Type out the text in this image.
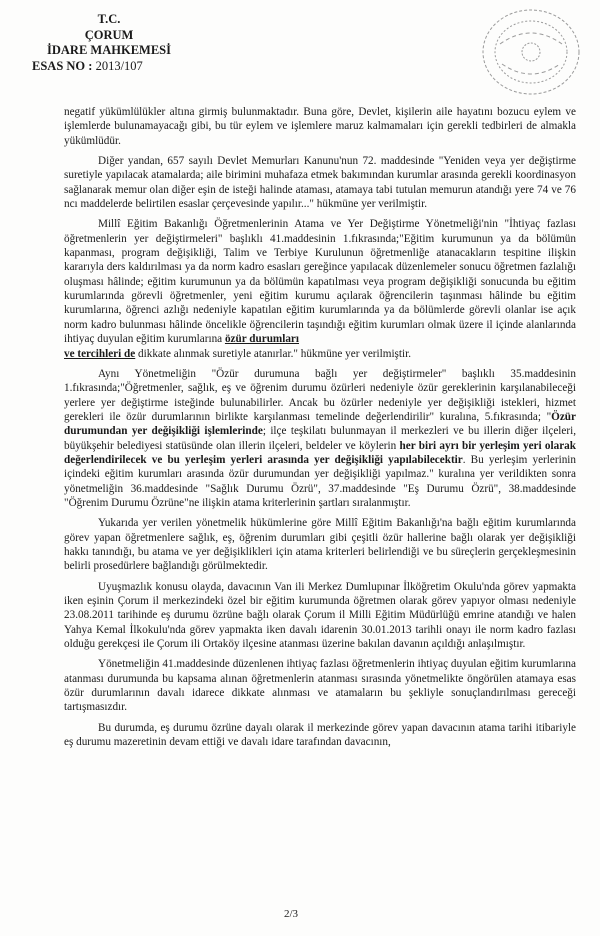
T.C.
ÇORUM
İDARE MAHKEMESİ
ESAS NO : 2013/107

negatif yükümlülükler altına girmiş bulunmaktadır. Buna göre, Devlet, kişilerin aile hayatını bozucu eylem ve işlemlerde bulunamayacağı gibi, bu tür eylem ve işlemlere maruz kalmamaları için gerekli tedbirleri de almakla yükümlüdür.

Diğer yandan, 657 sayılı Devlet Memurları Kanunu'nun 72. maddesinde "Yeniden veya yer değiştirme suretiyle yapılacak atamalarda; aile birimini muhafaza etmek bakımından kurumlar arasında gerekli koordinasyon sağlanarak memur olan diğer eşin de isteği halinde ataması, atamaya tabi tutulan memurun atandığı yere 74 ve 76 ncı maddelerde belirtilen esaslar çerçevesinde yapılır..." hükmüne yer verilmiştir.

Millî Eğitim Bakanlığı Öğretmenlerinin Atama ve Yer Değiştirme Yönetmeliği'nin "İhtiyaç fazlası öğretmenlerin yer değiştirmeleri" başlıklı 41.maddesinin 1.fıkrasında;"Eğitim kurumunun ya da bölümün kapanması, program değişikliği, Talim ve Terbiye Kurulunun öğretmenliğe atanacakların tespitine ilişkin kararıyla ders kaldırılması ya da norm kadro esasları gereğince yapılacak düzenlemeler sonucu öğretmen fazlalığı oluşması hâlinde; eğitim kurumunun ya da bölümün kapatılması veya program değişikliği sonucunda bu eğitim kurumlarında görevli öğretmenler, yeni eğitim kurumu açılarak öğrencilerin taşınması hâlinde bu eğitim kurumlarına, öğrenci azlığı nedeniyle kapatılan eğitim kurumlarında ya da bölümlerde görevli olanlar ise açık norm kadro bulunması hâlinde öncelikle öğrencilerin taşındığı eğitim kurumları olmak üzere il içinde alanlarında ihtiyaç duyulan eğitim kurumlarına özür durumları
ve tercihleri de dikkate alınmak suretiyle atanırlar." hükmüne yer verilmiştir.

Aynı Yönetmeliğin "Özür durumuna bağlı yer değiştirmeler" başlıklı 35.maddesinin 1.fıkrasında;"Öğretmenler, sağlık, eş ve öğrenim durumu özürleri nedeniyle özür gereklerinin karşılanabileceği yerlere yer değiştirme isteğinde bulunabilirler. Ancak bu özürler nedeniyle yer değişikliği istekleri, hizmet gerekleri ile özür durumlarının birlikte karşılanması temelinde değerlendirilir" kuralına, 5.fıkrasında; "Özür durumundan yer değişikliği işlemlerinde; ilçe teşkilatı bulunmayan il merkezleri ve bu illerin diğer ilçeleri, büyükşehir belediyesi statüsünde olan illerin ilçeleri, beldeler ve köylerin her biri ayrı bir yerleşim yeri olarak değerlendirilecek ve bu yerleşim yerleri arasında yer değişikliği yapılabilecektir. Bu yerleşim yerlerinin içindeki eğitim kurumları arasında özür durumundan yer değişikliği yapılmaz." kuralına yer verildikten sonra yönetmeliğin 36.maddesinde "Sağlık Durumu Özrü", 37.maddesinde "Eş Durumu Özrü", 38.maddesinde "Öğrenim Durumu Özrüne"ne ilişkin atama kriterlerinin şartları sıralanmıştır.

Yukarıda yer verilen yönetmelik hükümlerine göre Millî Eğitim Bakanlığı'na bağlı eğitim kurumlarında görev yapan öğretmenlere sağlık, eş, öğrenim durumları gibi çeşitli özür hallerine bağlı olarak yer değişikliği hakkı tanındığı, bu atama ve yer değişiklikleri için atama kriterleri belirlendiği ve bu süreçlerin gerçekleşmesinin belirli prosedürlere bağlandığı görülmektedir.

Uyuşmazlık konusu olayda, davacının Van ili Merkez Dumlupınar İlköğretim Okulu'nda görev yapmakta iken eşinin Çorum il merkezindeki özel bir eğitim kurumunda öğretmen olarak görev yapıyor olması nedeniyle 23.08.2011 tarihinde eş durumu özrüne bağlı olarak Çorum il Milli Eğitim Müdürlüğü emrine atandığı ve halen Yahya Kemal İlkokulu'nda görev yapmakta iken davalı idarenin 30.01.2013 tarihli onayı ile norm kadro fazlası olduğu gerekçesi ile Çorum ili Ortaköy ilçesine atanması üzerine bakılan davanın açıldığı anlaşılmıştır.

Yönetmeliğin 41.maddesinde düzenlenen ihtiyaç fazlası öğretmenlerin ihtiyaç duyulan eğitim kurumlarına atanması durumunda bu kapsama alınan öğretmenlerin atanması sırasında yönetmelikte öngörülen atamaya esas özür durumlarının davalı idarece dikkate alınması ve atamaların bu şekliyle sonuçlandırılması gereceği tartışmasızdır.

Bu durumda, eş durumu özrüne dayalı olarak il merkezinde görev yapan davacının atama tarihi itibariyle eş durumu mazeretinin devam ettiği ve davalı idare tarafından davacının,

2/3
